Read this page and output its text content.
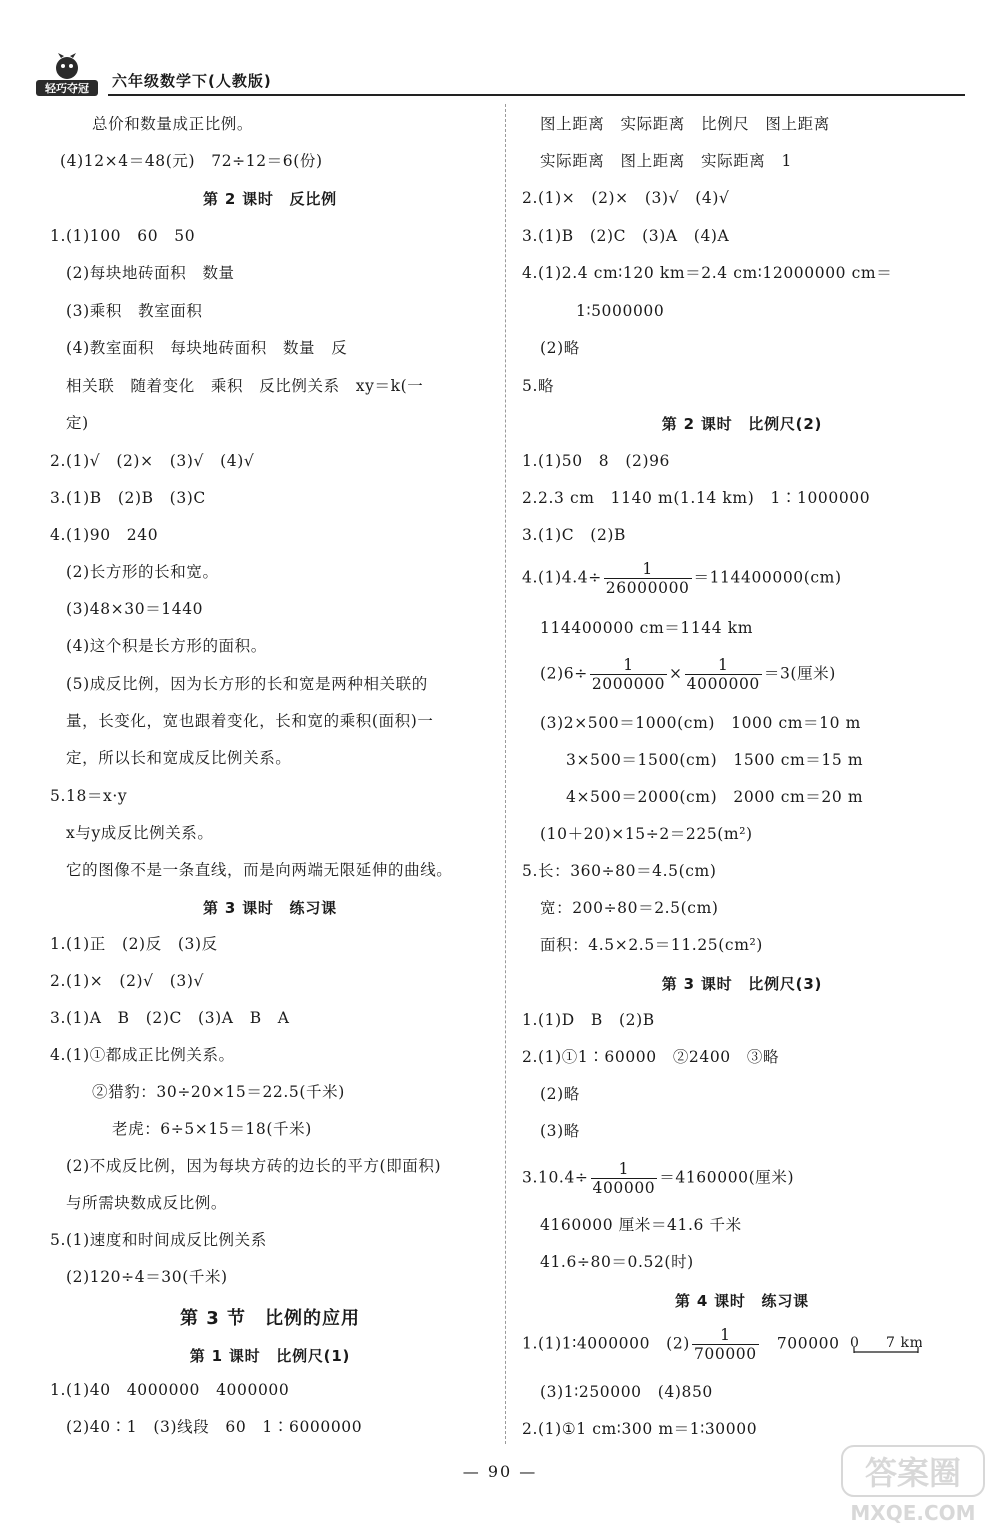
轻巧夺冠 六年级数学下(人教版)
总价和数量成正比例。
(4)12×4＝48(元)　72÷12＝6(份)
第 2 课时　反比例
1.(1)100　60　50
(2)每块地砖面积　数量
(3)乘积　教室面积
(4)教室面积　每块地砖面积　数量　反
相关联　随着变化　乘积　反比例关系　xy＝k(一
定)
2.(1)√　(2)×　(3)√　(4)√
3.(1)B　(2)B　(3)C
4.(1)90　240
(2)长方形的长和宽。
(3)48×30＝1440
(4)这个积是长方形的面积。
(5)成反比例，因为长方形的长和宽是两种相关联的
量，长变化，宽也跟着变化，长和宽的乘积(面积)一
定，所以长和宽成反比例关系。
5.18＝x·y
x与y成反比例关系。
它的图像不是一条直线，而是向两端无限延伸的曲线。
第 3 课时　练习课
1.(1)正　(2)反　(3)反
2.(1)×　(2)√　(3)√
3.(1)A　B　(2)C　(3)A　B　A
4.(1)①都成正比例关系。
②猎豹：30÷20×15＝22.5(千米)
老虎：6÷5×15＝18(千米)
(2)不成反比例，因为每块方砖的边长的平方(即面积)
与所需块数成反比例。
5.(1)速度和时间成反比例关系
(2)120÷4＝30(千米)
第 3 节　比例的应用
第 1 课时　比例尺(1)
1.(1)40　4000000　4000000
(2)40∶1　(3)线段　60　1∶6000000
图上距离　实际距离　比例尺　图上距离
实际距离　图上距离　实际距离　1
2.(1)×　(2)×　(3)√　(4)√
3.(1)B　(2)C　(3)A　(4)A
4.(1)2.4 cm∶120 km＝2.4 cm∶12000000 cm＝
1∶5000000
(2)略
5.略
第 2 课时　比例尺(2)
1.(1)50　8　(2)96
2.2.3 cm　1140 m(1.14 km)　1∶1000000
3.(1)C　(2)B
$4.(1)4.4\div \frac{1}{26000000} =114400000(cm)$
114400000 cm＝1144 km
$(2)6\div \frac{1}{2000000} \times \frac{1}{4000000} =3$(厘米)
(3)2×500＝1000(cm)　1000 cm＝10 m
3×500＝1500(cm)　1500 cm＝15 m
4×500＝2000(cm)　2000 cm＝20 m
(10＋20)×15÷2＝225(m²)
5.长：360÷80＝4.5(cm)
宽：200÷80＝2.5(cm)
面积：4.5×2.5＝11.25(cm²)
第 3 课时　比例尺(3)
1.(1)D　B　(2)B
2.(1)①1∶60000　②2400　③略
(2)略
(3)略
$3.10.4\div \frac{1}{400000} =4160000$(厘米)
4160000 厘米＝41.6 千米
41.6÷80＝0.52(时)
第 4 课时　练习课
1.(1)1∶4000000　$(2) \frac{1}{700000}$ 　700000 0 7 km
(3)1∶250000　(4)850
2.(1)①1 cm∶300 m＝1∶30000
— 90 —	答案圈
MXQE.COM
